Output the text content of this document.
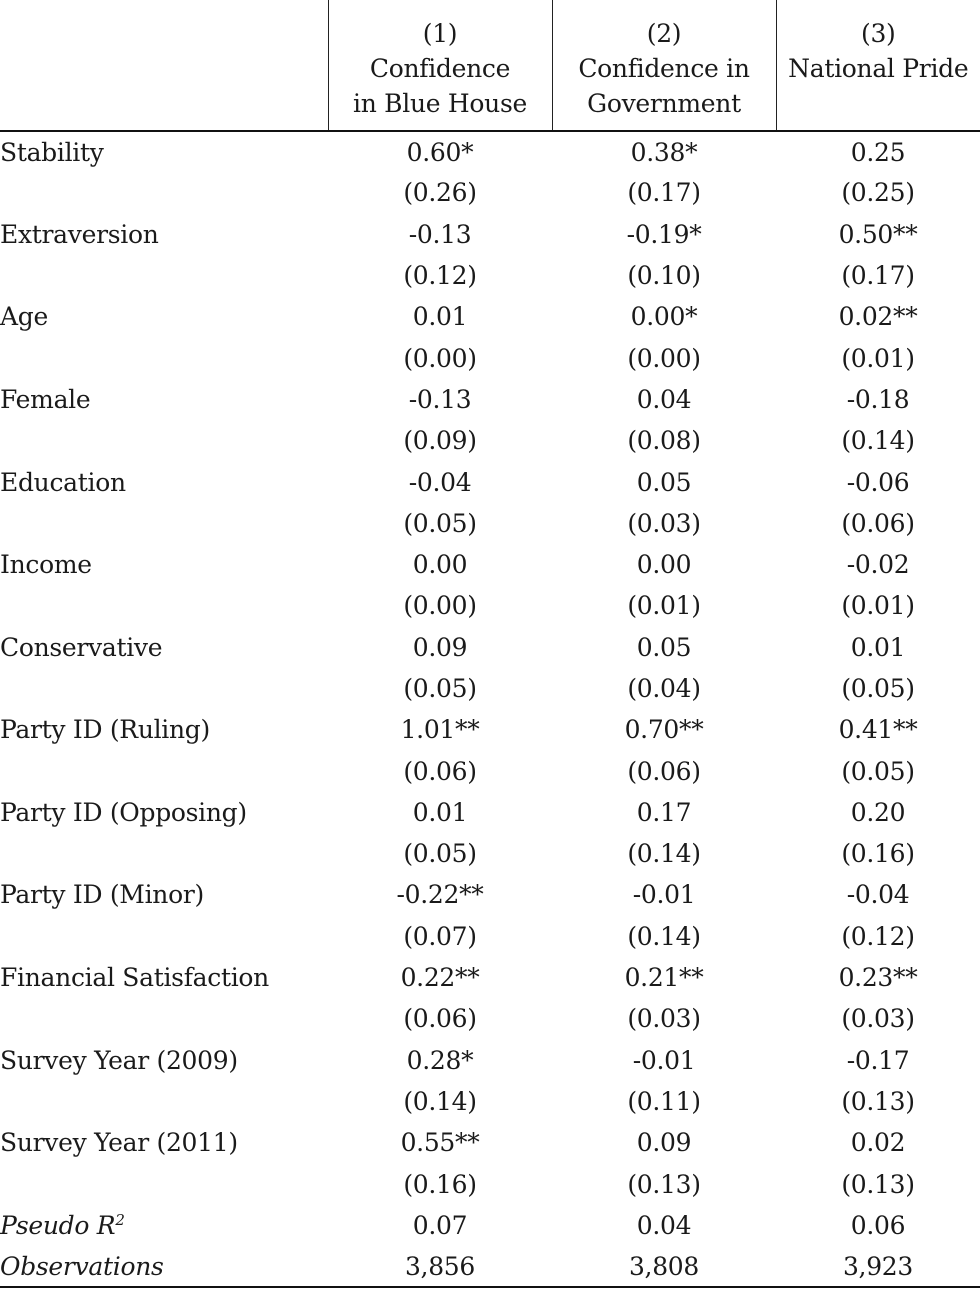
	(1)	(2)	(3)
	Confidence	Confidence in	National Pride
	in Blue House	Government	
Stability	0.60*	0.38*	0.25
	(0.26)	(0.17)	(0.25)
Extraversion	-0.13	-0.19*	0.50**
	(0.12)	(0.10)	(0.17)
Age	0.01	0.00*	0.02**
	(0.00)	(0.00)	(0.01)
Female	-0.13	0.04	-0.18
	(0.09)	(0.08)	(0.14)
Education	-0.04	0.05	-0.06
	(0.05)	(0.03)	(0.06)
Income	0.00	0.00	-0.02
	(0.00)	(0.01)	(0.01)
Conservative	0.09	0.05	0.01
	(0.05)	(0.04)	(0.05)
Party ID (Ruling)	1.01**	0.70**	0.41**
	(0.06)	(0.06)	(0.05)
Party ID (Opposing)	0.01	0.17	0.20
	(0.05)	(0.14)	(0.16)
Party ID (Minor)	-0.22**	-0.01	-0.04
	(0.07)	(0.14)	(0.12)
Financial Satisfaction	0.22**	0.21**	0.23**
	(0.06)	(0.03)	(0.03)
Survey Year (2009)	0.28*	-0.01	-0.17
	(0.14)	(0.11)	(0.13)
Survey Year (2011)	0.55**	0.09	0.02
	(0.16)	(0.13)	(0.13)
Pseudo $R^2$	0.07	0.04	0.06
Observations	3,856	3,808	3,923
